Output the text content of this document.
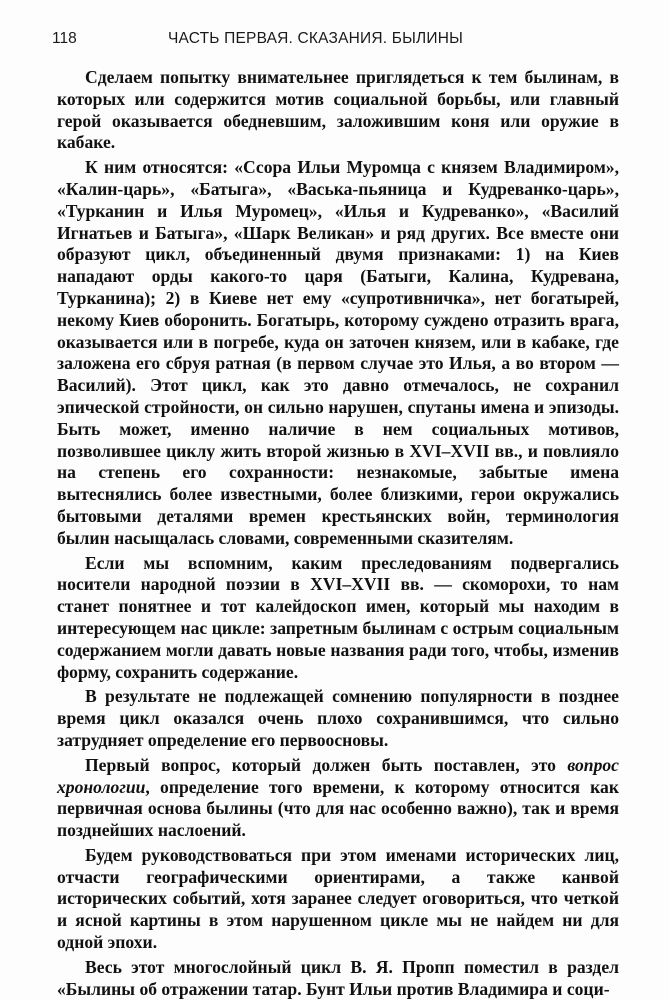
118	ЧАСТЬ ПЕРВАЯ. СКАЗАНИЯ. БЫЛИНЫ

Сделаем попытку внимательнее приглядеться к тем былинам, в которых или содержится мотив социальной борьбы, или главный герой оказывается обедневшим, заложившим коня или оружие в кабаке.

К ним относятся: «Ссора Ильи Муромца с князем Владимиром», «Калин-царь», «Батыга», «Васька-пьяница и Кудреванко-царь», «Турканин и Илья Муромец», «Илья и Кудреванко», «Василий Игнатьев и Батыга», «Шарк Великан» и ряд других. Все вместе они образуют цикл, объединенный двумя признаками: 1) на Киев нападают орды какого-то царя (Батыги, Калина, Кудревана, Турканина); 2) в Киеве нет ему «супротивничка», нет богатырей, некому Киев оборонить. Богатырь, которому суждено отразить врага, оказывается или в погребе, куда он заточен князем, или в кабаке, где заложена его сбруя ратная (в первом случае это Илья, а во втором — Василий). Этот цикл, как это давно отмечалось, не сохранил эпической стройности, он сильно нарушен, спутаны имена и эпизоды. Быть может, именно наличие в нем социальных мотивов, позволившее циклу жить второй жизнью в XVI–XVII вв., и повлияло на степень его сохранности: незнакомые, забытые имена вытеснялись более известными, более близкими, герои окружались бытовыми деталями времен крестьянских войн, терминология былин насыщалась словами, современными сказителям.

Если мы вспомним, каким преследованиям подвергались носители народной поэзии в XVI–XVII вв. — скоморохи, то нам станет понятнее и тот калейдоскоп имен, который мы находим в интересующем нас цикле: запретным былинам с острым социальным содержанием могли давать новые названия ради того, чтобы, изменив форму, сохранить содержание.

В результате не подлежащей сомнению популярности в позднее время цикл оказался очень плохо сохранившимся, что сильно затрудняет определение его первоосновы.

Первый вопрос, который должен быть поставлен, это вопрос хронологии, определение того времени, к которому относится как первичная основа былины (что для нас особенно важно), так и время позднейших наслоений.

Будем руководствоваться при этом именами исторических лиц, отчасти географическими ориентирами, а также канвой исторических событий, хотя заранее следует оговориться, что четкой и ясной картины в этом нарушенном цикле мы не найдем ни для одной эпохи.

Весь этот многослойный цикл В. Я. Пропп поместил в раздел «Былины об отражении татар. Бунт Ильи против Владимира и соци-
